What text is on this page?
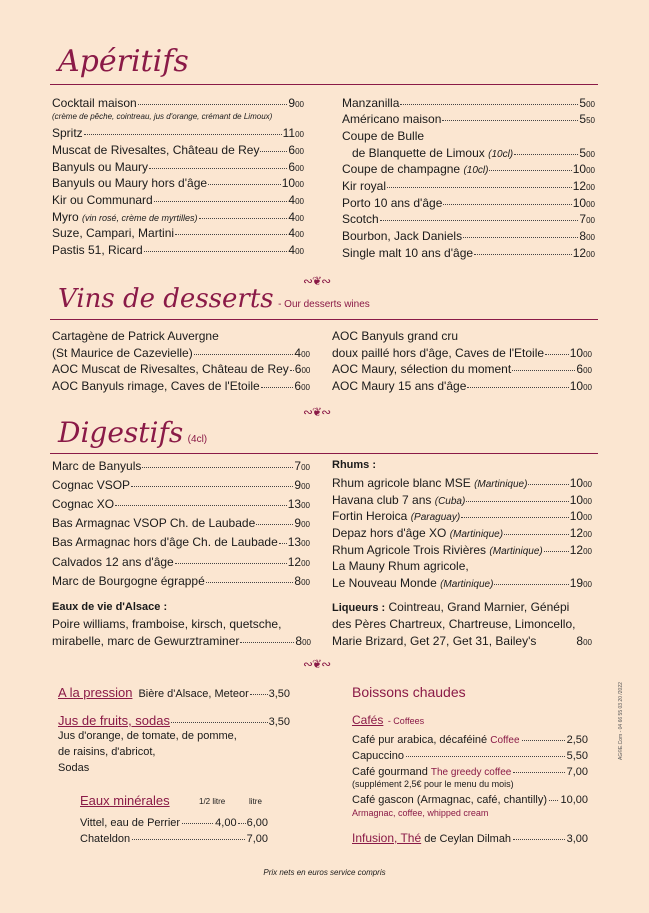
Apéritifs
Cocktail maison	900
(crème de pêche, cointreau, jus d'orange, crémant de Limoux)
Spritz	1100
Muscat de Rivesaltes, Château de Rey 600
Banyuls ou Maury	600
Banyuls ou Maury hors d'âge	1000
Kir ou Communard	400
Myro (vin rosé, crème de myrtilles)	400
Suze, Campari, Martini	400
Pastis 51, Ricard	400
Manzanilla	500
Américano maison	550
Coupe de Bulle
de Blanquette de Limoux (10cl)	500
Coupe de champagne (10cl)	1000
Kir royal	1200
Porto 10 ans d'âge	1000
Scotch	700
Bourbon, Jack Daniels	800
Single malt 10 ans d'âge	1200
∾❦∾
Vins de desserts - Our desserts wines
Cartagène de Patrick Auvergne
(St Maurice de Cazevielle)	400
AOC Muscat de Rivesaltes, Château de Rey 600
AOC Banyuls rimage, Caves de l'Etoile	600
AOC Banyuls grand cru
doux paillé hors d'âge, Caves de l'Etoile 1000
AOC Maury, sélection du moment	600
AOC Maury 15 ans d'âge	1000
∾❦∾
Digestifs (4cl)
Marc de Banyuls	700
Cognac VSOP	900
Cognac XO	1300
Bas Armagnac VSOP Ch. de Laubade	900
Bas Armagnac hors d'âge Ch. de Laubade 1300
Calvados 12 ans d'âge	1200
Marc de Bourgogne égrappé	800
Rhums :
Rhum agricole blanc MSE (Martinique)	1000
Havana club 7 ans (Cuba)	1000
Fortin Heroica (Paraguay)	1000
Depaz hors d'âge XO (Martinique)	1200
Rhum Agricole Trois Rivières (Martinique) 1200
La Mauny Rhum agricole,
Le Nouveau Monde (Martinique)	1900
Eaux de vie d'Alsace :
Poire williams, framboise, kirsch, quetsche,
mirabelle, marc de Gewurztraminer	800
Liqueurs : Cointreau, Grand Marnier, Génépi
des Pères Chartreux, Chartreuse, Limoncello,
Marie Brizard, Get 27, Get 31, Bailey's	800
∾❦∾
A la pression Bière d'Alsace, Meteor 3,50
Jus de fruits, sodas	3,50
Jus d'orange, de tomate, de pomme,
de raisins, d'abricot,
Sodas
Eaux minérales	1/2 litre	litre
Vittel, eau de Perrier	4,00 6,00
Chateldon	7,00
Boissons chaudes
Cafés - Coffees
Café pur arabica, décaféiné
Coffee	2,50
Capuccino	5,50
Café gourmand
The greedy coffee	7,00
(supplément 2,5€ pour le menu du mois)
Café gascon (Armagnac, café, chantilly) 10,00
Armagnac, coffee, whipped cream
Infusion, Thé
de Ceylan Dilmah	3,00
Prix nets en euros service compris
AG©E.Com - 04 66 55 03 20 /2022
